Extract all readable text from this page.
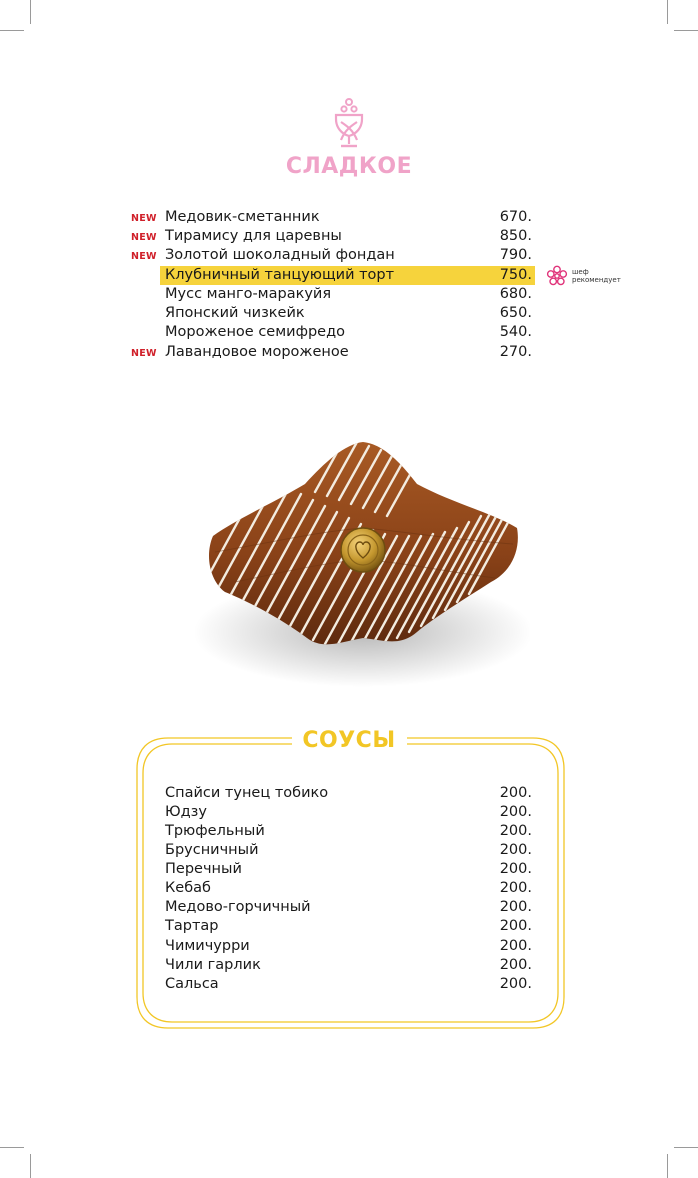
СЛАДКОЕ
NEW Медовик-сметанник	670.
NEW Тирамису для царевны	850.
NEW Золотой шоколадный фондан	790.
Клубничный танцующий торт	750.
Мусс манго-маракуйя	680.
Японский чизкейк	650.
Мороженое семифредо	540.
NEW Лавандовое мороженое	270.
шеф
рекомендует
СОУСЫ
Спайси тунец тобико	200.
Юдзу	200.
Трюфельный	200.
Брусничный	200.
Перечный	200.
Кебаб	200.
Медово-горчичный	200.
Тартар	200.
Чимичурри	200.
Чили гарлик	200.
Сальса	200.
